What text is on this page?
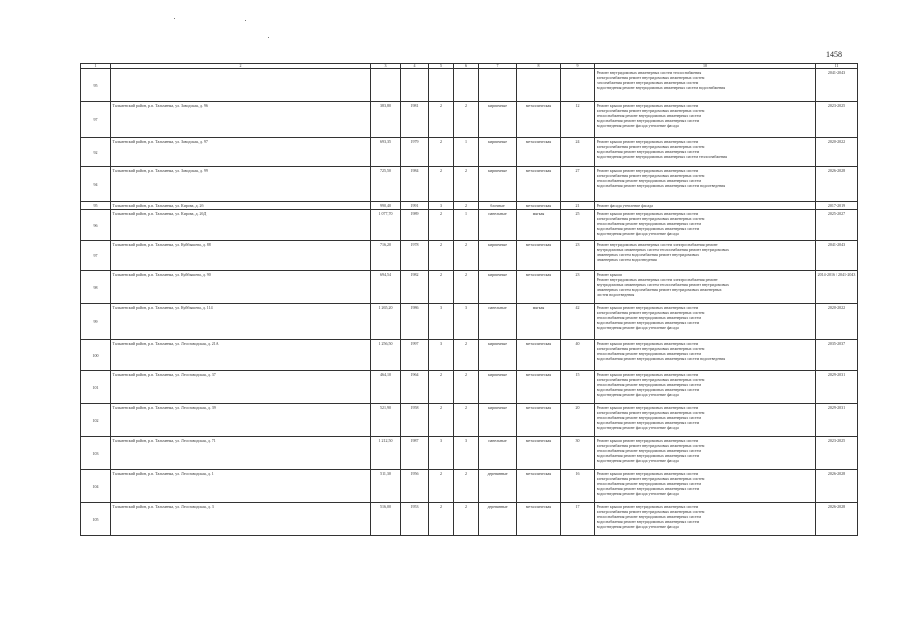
1458
1	2	3	4	5	6	7	8	9	10	11
95									Ремонт внутридомовых инженерных систем теплоснабжения
электроснабжения ремонт внутридомовых инженерных систем
газоснабжения ремонт внутридомовых инженерных систем
водоотведения ремонт внутридомовых инженерных систем водоснабжения	2041-2043
97	Тальменский район, р.п. Тальменка, ул. Заводская, д. 96	383,80	1981	2	2	кирпичные	металлическая	12	Ремонт крыши ремонт внутридомовых инженерных систем
электроснабжения ремонт внутридомовых инженерных систем
теплоснабжения ремонт внутридомовых инженерных систем
водоснабжения ремонт внутридомовых инженерных систем
водоотведения ремонт фасада утепление фасада	2023-2025
92	Тальменский район, р.п. Тальменка, ул. Заводская, д. 97	693,35	1979	2	1	кирпичные	металлическая	24	Ремонт крыши ремонт внутридомовых инженерных систем
электроснабжения ремонт внутридомовых инженерных систем
водоснабжения ремонт внутридомовых инженерных систем
водоотведения ремонт внутридомовых инженерных систем теплоснабжения	2020-2022
94	Тальменский район, р.п. Тальменка, ул. Заводская, д. 99	725,50	1984	2	2	кирпичные	металлическая	27	Ремонт крыши ремонт внутридомовых инженерных систем
электроснабжения ремонт внутридомовых инженерных систем
теплоснабжения ремонт внутридомовых инженерных систем
водоснабжения ремонт внутридомовых инженерных систем водоотведения	2026-2028
95	Тальменский район, р.п. Тальменка, ул. Кирова, д. 2б	990,40	1991	3	2	блочные	металлическая	21	Ремонт фасада утепление фасада	2017-2019
96	Тальменский район, р.п. Тальменка, ул. Кирова, д. 26Д	1 077,70	1989	2	1	панельные	мягкая	25	Ремонт крыши ремонт внутридомовых инженерных систем
электроснабжения ремонт внутридомовых инженерных систем
теплоснабжения ремонт внутридомовых инженерных систем
водоснабжения ремонт внутридомовых инженерных систем
водоотведения ремонт фасада утепление фасада	2025-2027
97	Тальменский район, р.п. Тальменка, ул. Куйбышева, д. 88	716,20	1978	2	2	кирпичные	металлическая	23	Ремонт внутридомовых инженерных систем электроснабжения ремонт
внутридомовых инженерных систем теплоснабжения ремонт внутридомовых
инженерных систем водоснабжения ремонт внутридомовых
инженерных систем водоотведения	2041-2043
98	Тальменский район, р.п. Тальменка, ул. Куйбышева, д. 90	694,54	1982	2	2	кирпичные	металлическая	23	Ремонт крыши
Ремонт внутридомовых инженерных систем электроснабжения ремонт
внутридомовых инженерных систем теплоснабжения ремонт внутридомовых
инженерных систем водоснабжения ремонт внутридомовых инженерных
систем водоотведения	2014-2016 / 2041-2043
99	Тальменский район, р.п. Тальменка, ул. Куйбышева, д. 114	1 265,20	1986	3	3	панельные	мягкая	42	Ремонт крыши ремонт внутридомовых инженерных систем
электроснабжения ремонт внутридомовых инженерных систем
теплоснабжения ремонт внутридомовых инженерных систем
водоснабжения ремонт внутридомовых инженерных систем
водоотведения ремонт фасада утепление фасада	2020-2022
100	Тальменский район, р.п. Тальменка, ул. Лесозаводская, д. 21А	1 256,50	1997	3	2	кирпичные	металлическая	40	Ремонт крыши ремонт внутридомовых инженерных систем
электроснабжения ремонт внутридомовых инженерных систем
теплоснабжения ремонт внутридомовых инженерных систем
водоснабжения ремонт внутридомовых инженерных систем водоотведения	2035-2037
101	Тальменский район, р.п. Тальменка, ул. Лесозаводская, д. 37	464,10	1964	2	2	кирпичные	металлическая	15	Ремонт крыши ремонт внутридомовых инженерных систем
электроснабжения ремонт внутридомовых инженерных систем
теплоснабжения ремонт внутридомовых инженерных систем
водоснабжения ремонт внутридомовых инженерных систем
водоотведения ремонт фасада утепление фасада	2029-2031
102	Тальменский район, р.п. Тальменка, ул. Лесозаводская, д. 39	521,90	1958	2	2	кирпичные	металлическая	20	Ремонт крыши ремонт внутридомовых инженерных систем
электроснабжения ремонт внутридомовых инженерных систем
теплоснабжения ремонт внутридомовых инженерных систем
водоснабжения ремонт внутридомовых инженерных систем
водоотведения ремонт фасада утепление фасада	2029-2031
103	Тальменский район, р.п. Тальменка, ул. Лесозаводская, д. 71	1 212,50	1987	3	3	панельные	металлическая	30	Ремонт крыши ремонт внутридомовых инженерных систем
электроснабжения ремонт внутридомовых инженерных систем
теплоснабжения ремонт внутридомовых инженерных систем
водоснабжения ремонт внутридомовых инженерных систем
водоотведения ремонт фасада утепление фасада	2023-2025
104	Тальменский район, р.п. Тальменка, ул. Лесозаводская, д. 1	511,30	1956	2	2	деревянные	металлическая	16	Ремонт крыши ремонт внутридомовых инженерных систем
электроснабжения ремонт внутридомовых инженерных систем
теплоснабжения ремонт внутридомовых инженерных систем
водоснабжения ремонт внутридомовых инженерных систем
водоотведения ремонт фасада утепление фасада	2026-2028
105	Тальменский район, р.п. Тальменка, ул. Лесозаводская, д. 3	516,00	1953	2	2	деревянные	металлическая	17	Ремонт крыши ремонт внутридомовых инженерных систем
электроснабжения ремонт внутридомовых инженерных систем
теплоснабжения ремонт внутридомовых инженерных систем
водоснабжения ремонт внутридомовых инженерных систем
водоотведения ремонт фасада утепление фасада	2026-2028
